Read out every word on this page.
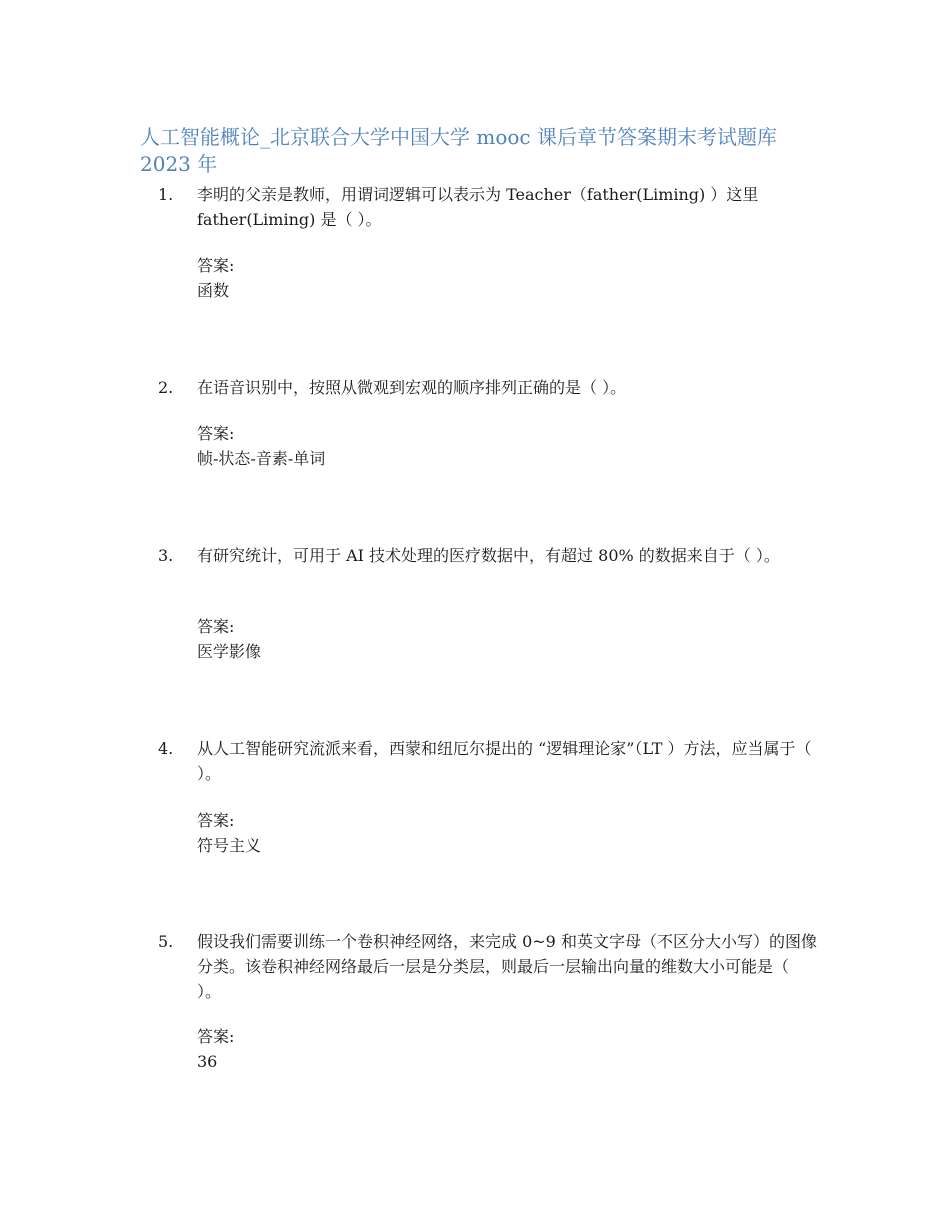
人工智能概论_北京联合大学中国大学 mooc 课后章节答案期末考试题库 2023 年
1.	李明的父亲是教师，用谓词逻辑可以表示为 Teacher（father(Liming) ）这里 father(Liming) 是（ ）。
答案:
函数
2.	在语音识别中，按照从微观到宏观的顺序排列正确的是（ ）。
答案:
帧-状态-音素-单词
3.	有研究统计，可用于 AI 技术处理的医疗数据中，有超过 80% 的数据来自于（ ）。
答案:
医学影像
4.	从人工智能研究流派来看，西蒙和纽厄尔提出的 “逻辑理论家”（LT ）方法，应当属于（ ）。
答案:
符号主义
5.	假设我们需要训练一个卷积神经网络，来完成 0~9 和英文字母（不区分大小写）的图像分类。该卷积神经网络最后一层是分类层，则最后一层输出向量的维数大小可能是（ ）。
答案:
36
